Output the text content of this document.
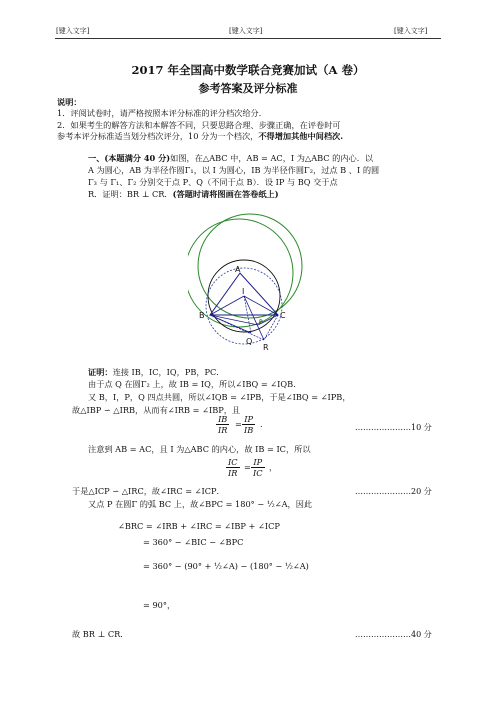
[键入文字]	[键入文字]	[键入文字]
2017 年全国高中数学联合竞赛加试（A 卷）
参考答案及评分标准
说明：
1．评阅试卷时，请严格按照本评分标准的评分档次给分．
2．如果考生的解答方法和本解答不同，只要思路合理、步骤正确，在评卷时可
参考本评分标准适当划分档次评分，10 分为一个档次，不得增加其他中间档次.
一、(本题满分 40 分)如图，在△ABC 中，AB = AC，I 为△ABC 的内心．以
A 为圆心，AB 为半径作圆Γ₁，以 I 为圆心，IB 为半径作圆Γ₂，过点 B 、I 的圆
Γ₃ 与 Γ₁、Γ₂ 分别交于点 P、Q（不同于点 B）．设 IP 与 BQ 交于点
R．证明：BR ⊥ CR．(答题时请将图画在答卷纸上)
A
I
B	C
Q
P
R
证明：连接 IB，IC，IQ，PB，PC．
由于点 Q 在圆Γ₂ 上，故 IB = IQ，所以∠IBQ = ∠IQB．
又 B，I，P，Q 四点共圆，所以∠IQB = ∠IPB，于是∠IBQ = ∠IPB，
故△IBP ∽ △IRB，从而有∠IRB = ∠IBP，且
$\frac{IB}{IR} = \frac{IP}{IB}$ ．	…………………10 分
注意到 AB = AC，且 I 为△ABC 的内心，故 IB = IC，所以
$\frac{IC}{IR} = \frac{IP}{IC}$ ，
于是△ICP ∽ △IRC，故∠IRC = ∠ICP．	…………………20 分
又点 P 在圆Γ 的弧 BC 上，故∠BPC = 180° − ½∠A，因此
∠BRC = ∠IRB + ∠IRC = ∠IBP + ∠ICP
= 360° − ∠BIC − ∠BPC
= 360° − (90° + ½∠A) − (180° − ½∠A)
= 90°，
故 BR ⊥ CR．	…………………40 分
